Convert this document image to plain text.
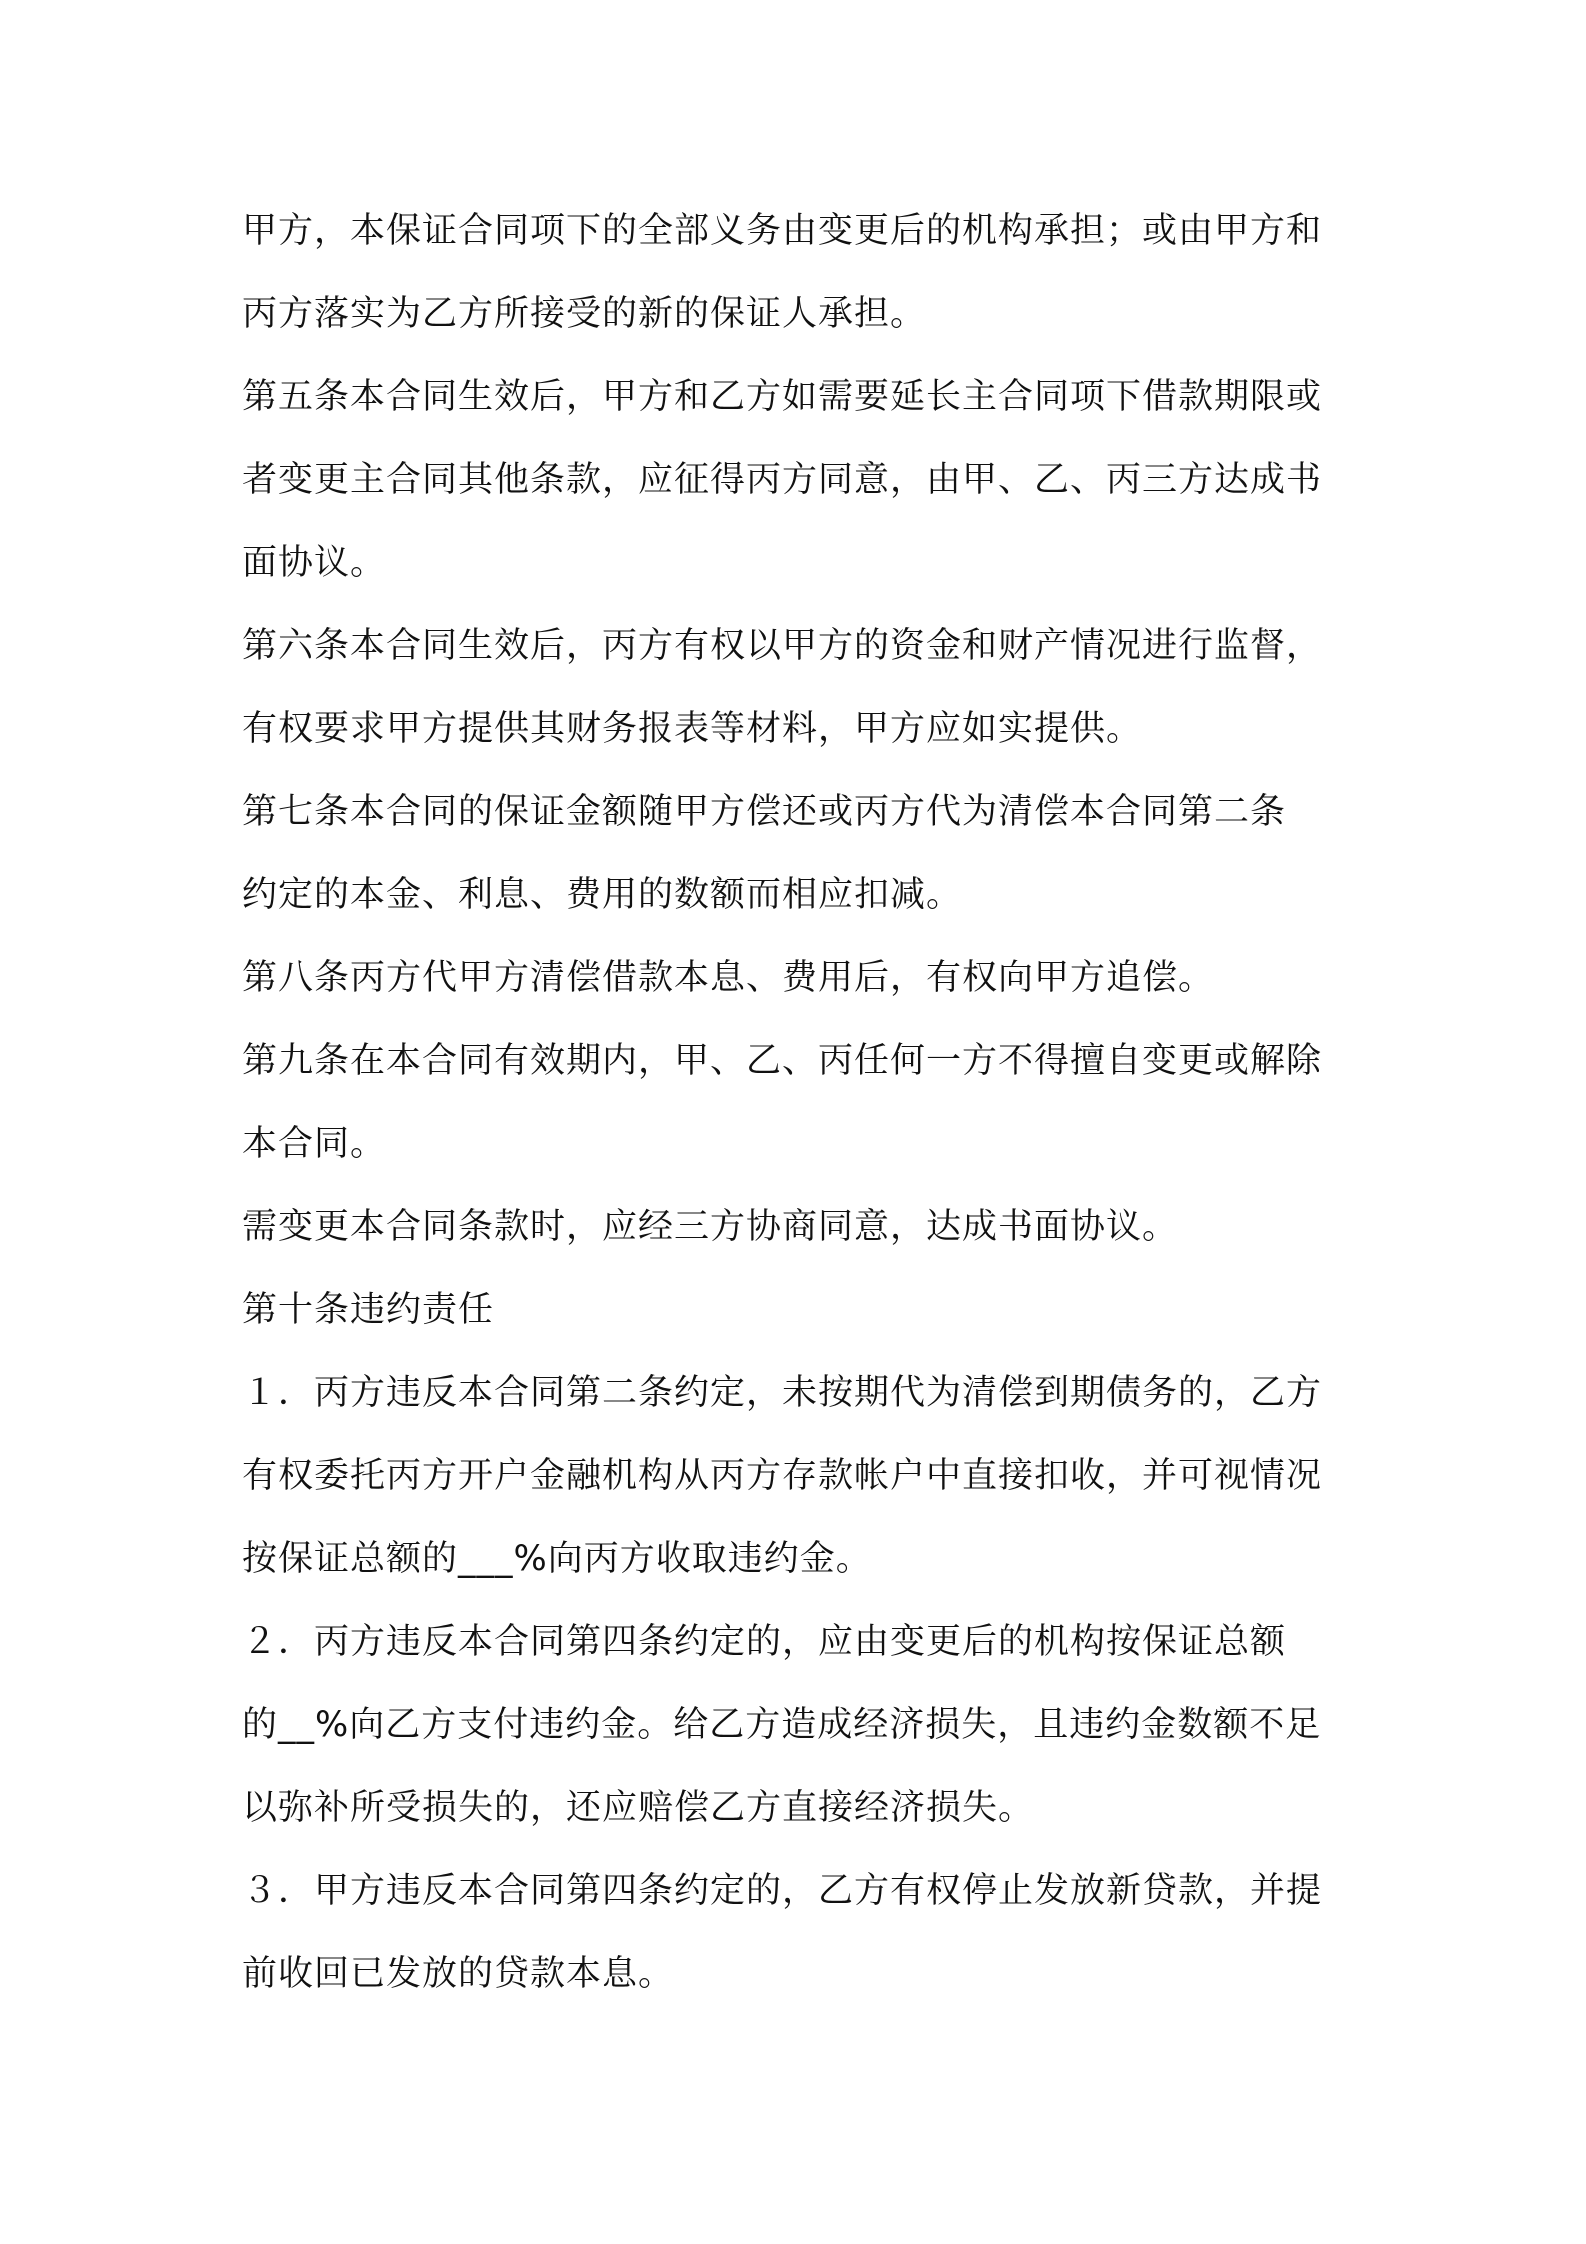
甲方，本保证合同项下的全部义务由变更后的机构承担；或由甲方和
丙方落实为乙方所接受的新的保证人承担。
第五条本合同生效后，甲方和乙方如需要延长主合同项下借款期限或
者变更主合同其他条款，应征得丙方同意，由甲、乙、丙三方达成书
面协议。
第六条本合同生效后，丙方有权以甲方的资金和财产情况进行监督，
有权要求甲方提供其财务报表等材料，甲方应如实提供。
第七条本合同的保证金额随甲方偿还或丙方代为清偿本合同第二条
约定的本金、利息、费用的数额而相应扣减。
第八条丙方代甲方清偿借款本息、费用后，有权向甲方追偿。
第九条在本合同有效期内，甲、乙、丙任何一方不得擅自变更或解除
本合同。
需变更本合同条款时，应经三方协商同意，达成书面协议。
第十条违约责任
１．丙方违反本合同第二条约定，未按期代为清偿到期债务的，乙方
有权委托丙方开户金融机构从丙方存款帐户中直接扣收，并可视情况
按保证总额的___%向丙方收取违约金。
２．丙方违反本合同第四条约定的，应由变更后的机构按保证总额
的__%向乙方支付违约金。给乙方造成经济损失，且违约金数额不足
以弥补所受损失的，还应赔偿乙方直接经济损失。
３．甲方违反本合同第四条约定的，乙方有权停止发放新贷款，并提
前收回已发放的贷款本息。
